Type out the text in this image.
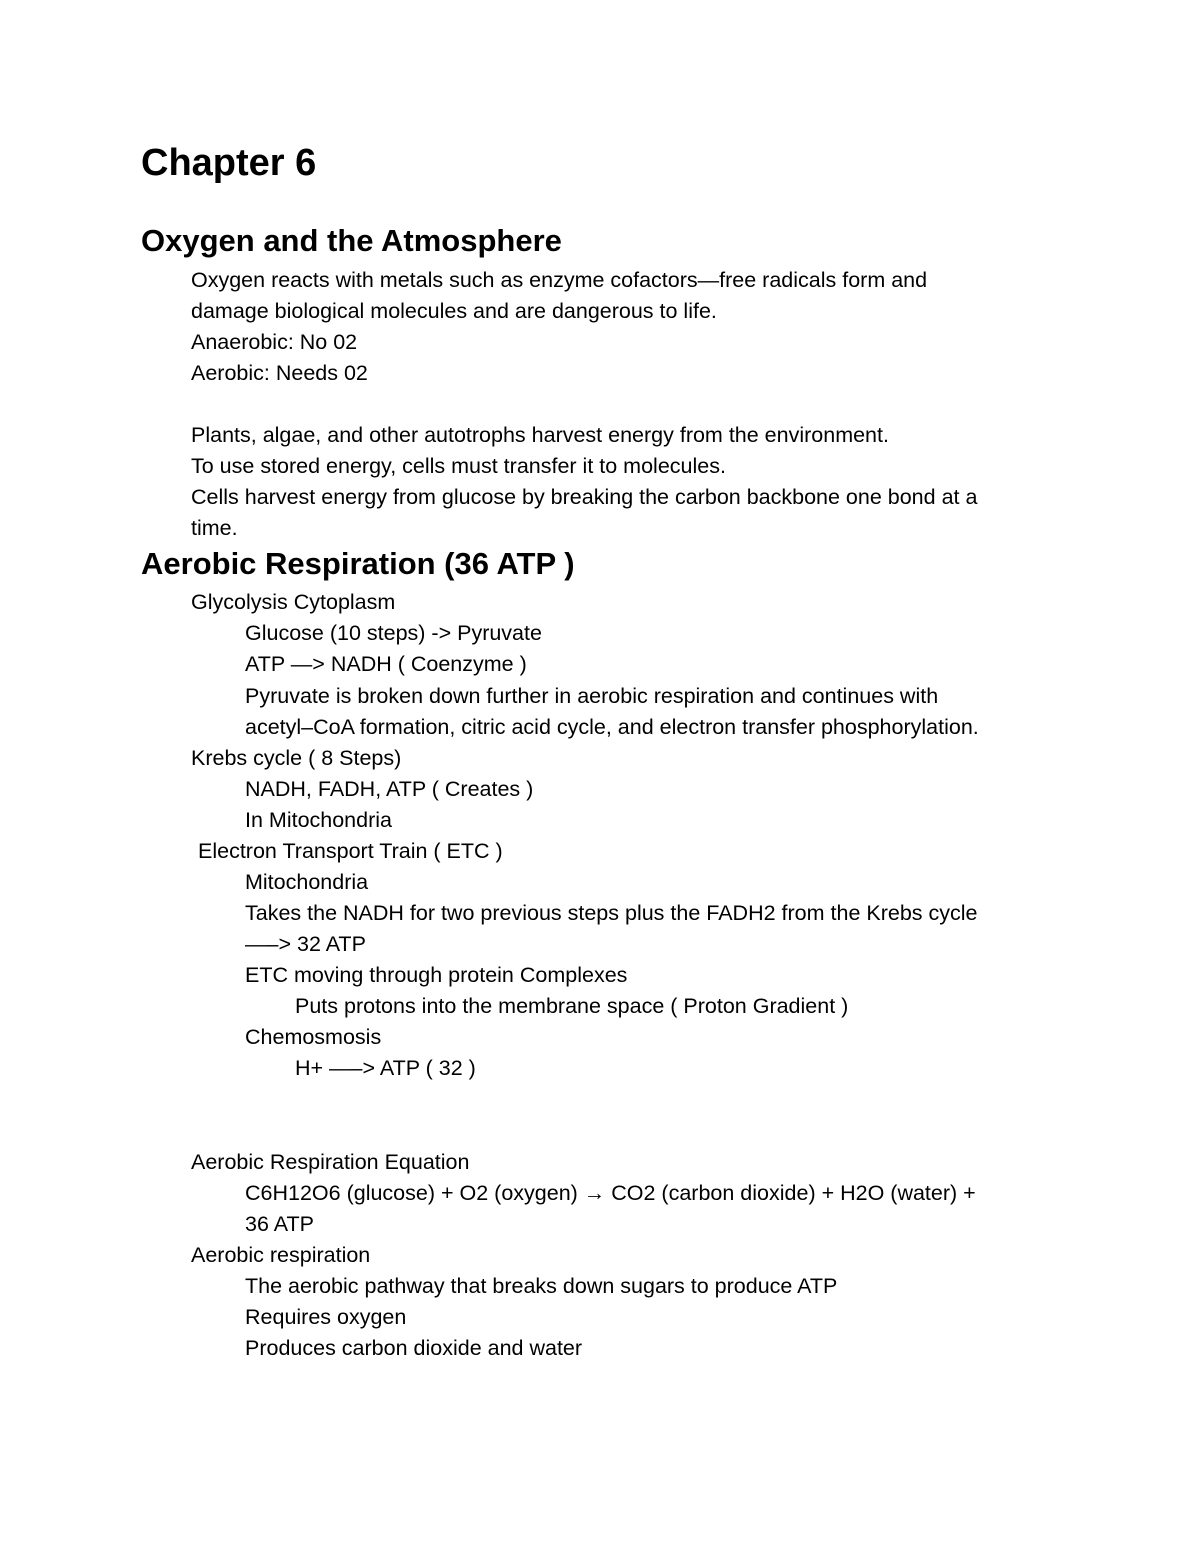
Chapter 6
Oxygen and the Atmosphere

Oxygen reacts with metals such as enzyme cofactors—free radicals form and

damage biological molecules and are dangerous to life.

Anaerobic: No 02

Aerobic: Needs 02

Plants, algae, and other autotrophs harvest energy from the environment.

To use stored energy, cells must transfer it to molecules.

Cells harvest energy from glucose by breaking the carbon backbone one bond at a

time.

Aerobic Respiration (36 ATP )

Glycolysis Cytoplasm

Glucose (10 steps) -> Pyruvate

ATP —> NADH ( Coenzyme )

Pyruvate is broken down further in aerobic respiration and continues with

acetyl–CoA formation, citric acid cycle, and electron transfer phosphorylation.

Krebs cycle ( 8 Steps)

NADH, FADH, ATP ( Creates )

In Mitochondria

Electron Transport Train ( ETC )

Mitochondria

Takes the NADH for two previous steps plus the FADH2 from the Krebs cycle

—–> 32 ATP

ETC moving through protein Complexes

Puts protons into the membrane space ( Proton Gradient )

Chemosmosis

H+ —–> ATP ( 32 )

Aerobic Respiration Equation

C6H12O6 (glucose) + O2 (oxygen) → CO2 (carbon dioxide) + H2O (water) +

36 ATP

Aerobic respiration

The aerobic pathway that breaks down sugars to produce ATP

Requires oxygen

Produces carbon dioxide and water
